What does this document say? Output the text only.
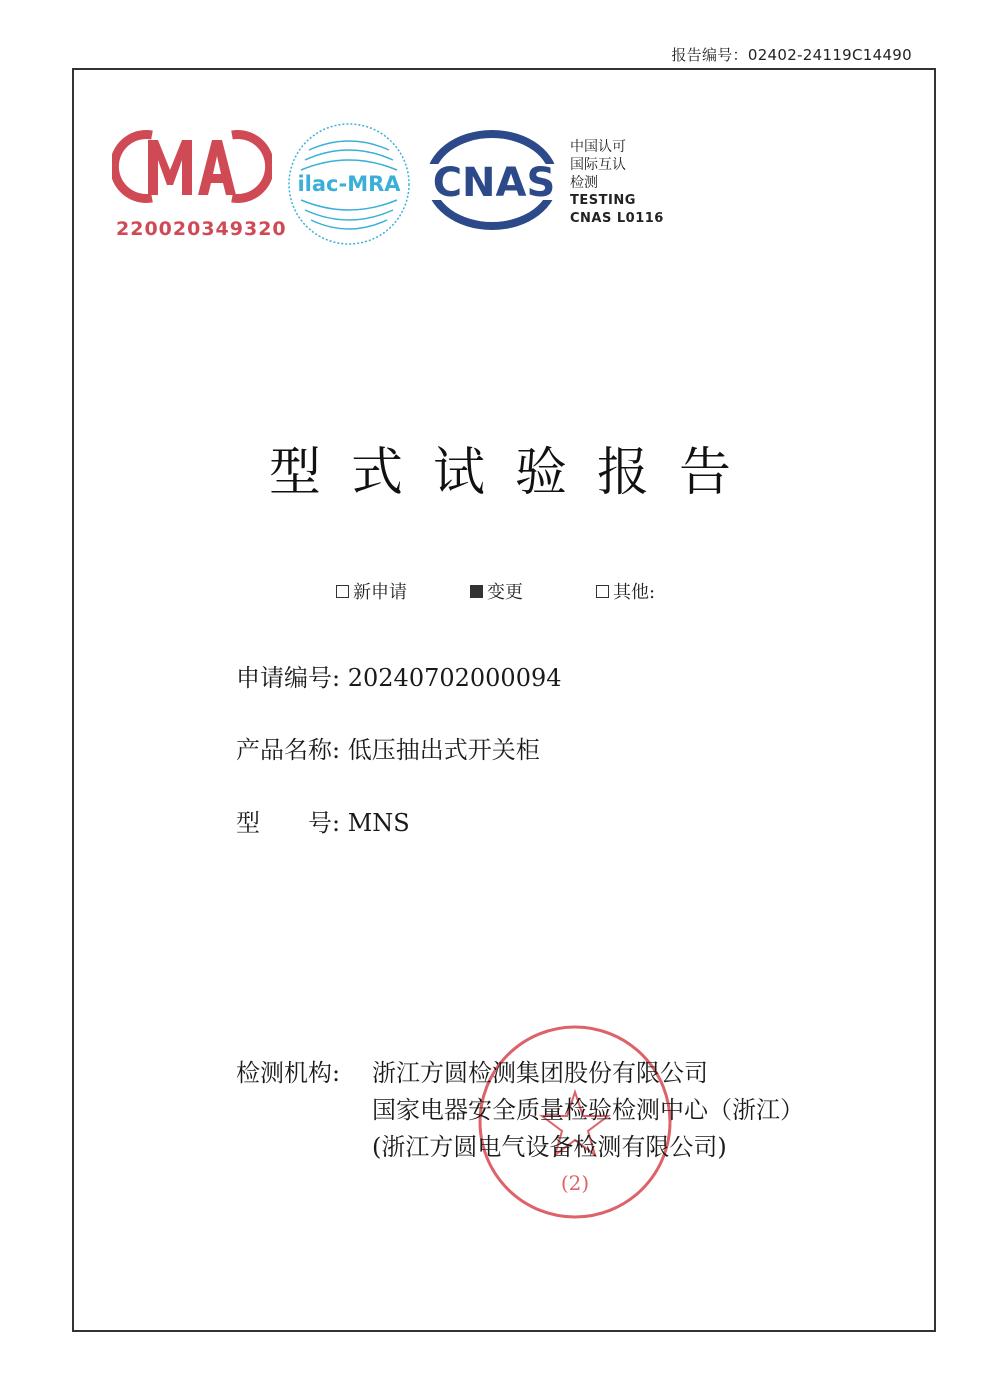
报告编号：02402-24119C14490
220020349320
ilac-MRA CNAS
中国认可
国际互认
检测
TESTING
CNAS L0116
型式试验报告
新申请	变更	其他:
申请编号: 20240702000094
产品名称: 低压抽出式开关柜
型　　号: MNS
(2)
检测机构: 浙江方圆检测集团股份有限公司
国家电器安全质量检验检测中心（浙江）
(浙江方圆电气设备检测有限公司)
